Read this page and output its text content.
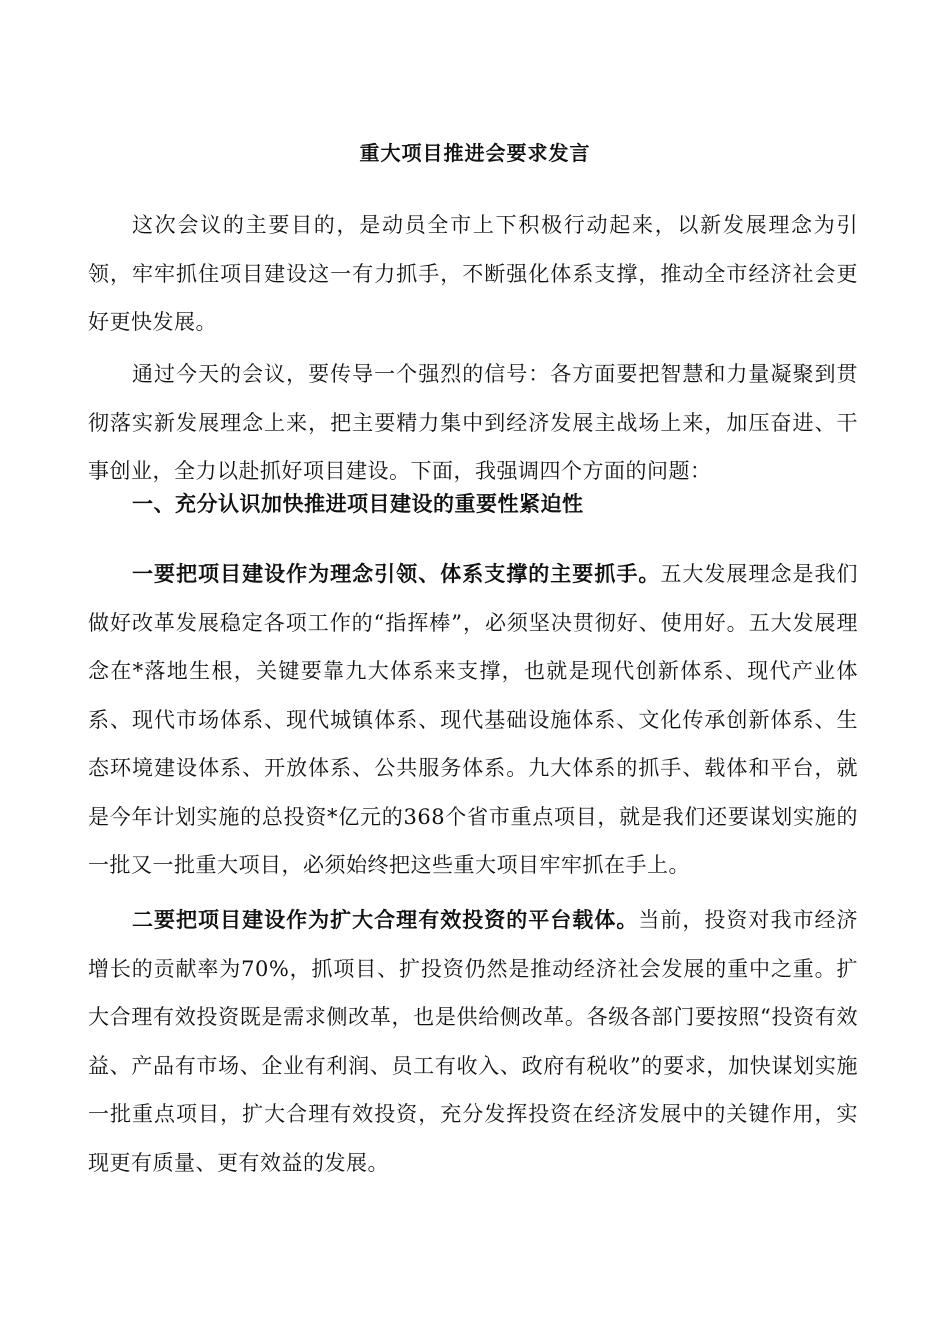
重大项目推进会要求发言

这次会议的主要目的，是动员全市上下积极行动起来，以新发展理念为引领，牢牢抓住项目建设这一有力抓手，不断强化体系支撑，推动全市经济社会更好更快发展。

通过今天的会议，要传导一个强烈的信号：各方面要把智慧和力量凝聚到贯彻落实新发展理念上来，把主要精力集中到经济发展主战场上来，加压奋进、干事创业，全力以赴抓好项目建设。下面，我强调四个方面的问题：

一、充分认识加快推进项目建设的重要性紧迫性

一要把项目建设作为理念引领、体系支撑的主要抓手。五大发展理念是我们做好改革发展稳定各项工作的“指挥棒”，必须坚决贯彻好、使用好。五大发展理念在*落地生根，关键要靠九大体系来支撑，也就是现代创新体系、现代产业体系、现代市场体系、现代城镇体系、现代基础设施体系、文化传承创新体系、生态环境建设体系、开放体系、公共服务体系。九大体系的抓手、载体和平台，就是今年计划实施的总投资*亿元的368个省市重点项目，就是我们还要谋划实施的一批又一批重大项目，必须始终把这些重大项目牢牢抓在手上。

二要把项目建设作为扩大合理有效投资的平台载体。当前，投资对我市经济增长的贡献率为70%，抓项目、扩投资仍然是推动经济社会发展的重中之重。扩大合理有效投资既是需求侧改革，也是供给侧改革。各级各部门要按照“投资有效益、产品有市场、企业有利润、员工有收入、政府有税收”的要求，加快谋划实施一批重点项目，扩大合理有效投资，充分发挥投资在经济发展中的关键作用，实现更有质量、更有效益的发展。
